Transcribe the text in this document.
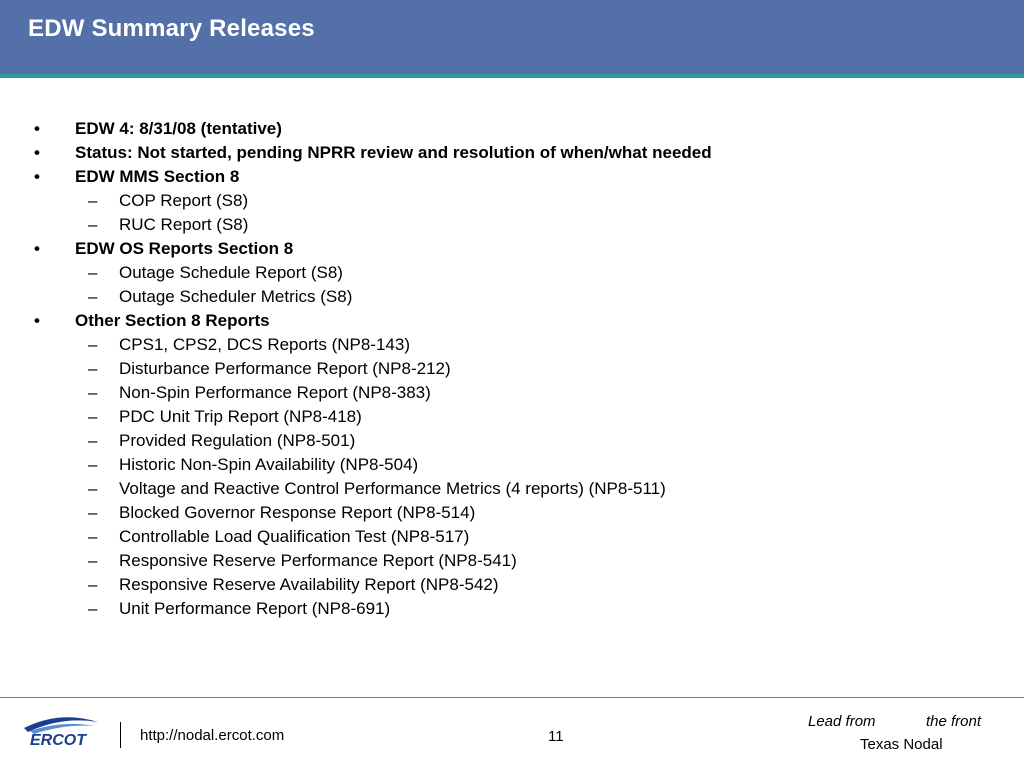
EDW Summary Releases
• EDW 4: 8/31/08 (tentative)
• Status: Not started, pending NPRR review and resolution of when/what needed
• EDW MMS Section 8
– COP Report (S8)
– RUC Report (S8)
• EDW OS Reports Section 8
– Outage Schedule Report (S8)
– Outage Scheduler Metrics (S8)
• Other Section 8 Reports
– CPS1, CPS2, DCS Reports (NP8-143)
– Disturbance Performance Report (NP8-212)
– Non-Spin Performance Report (NP8-383)
– PDC Unit Trip Report (NP8-418)
– Provided Regulation (NP8-501)
– Historic Non-Spin Availability (NP8-504)
– Voltage and Reactive Control Performance Metrics (4 reports) (NP8-511)
– Blocked Governor Response Report (NP8-514)
– Controllable Load Qualification Test (NP8-517)
– Responsive Reserve Performance Report (NP8-541)
– Responsive Reserve Availability Report (NP8-542)
– Unit Performance Report (NP8-691)
ERCOT	http://nodal.ercot.com	11
Lead from	the front
Texas Nodal
